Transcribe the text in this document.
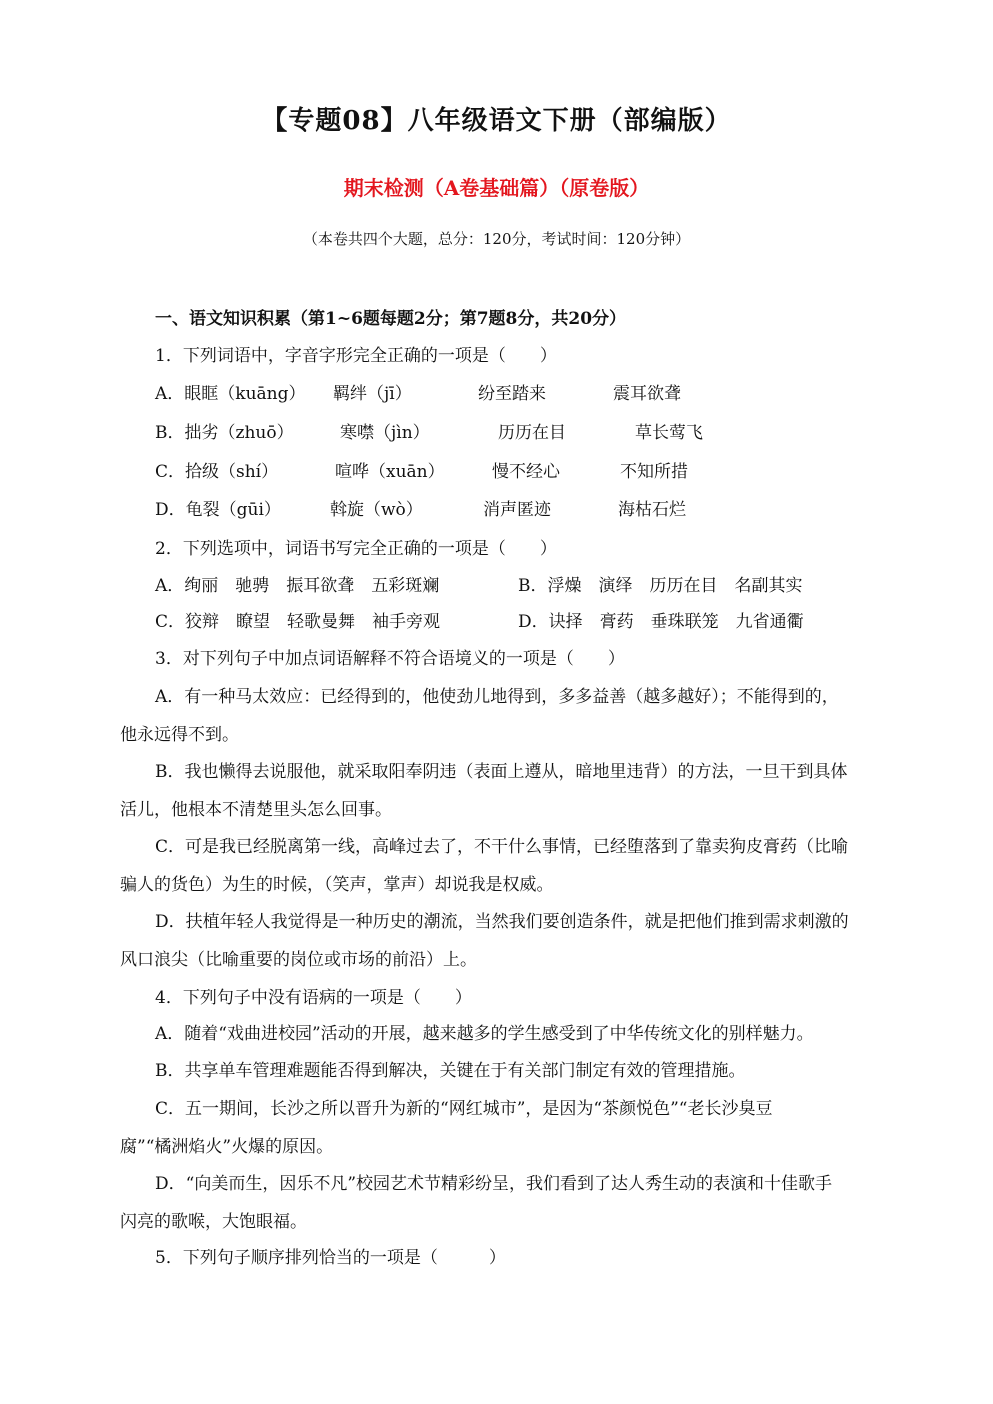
【专题08】八年级语文下册（部编版）
期末检测（A卷基础篇）（原卷版）
（本卷共四个大题，总分：120分，考试时间：120分钟）
一、语文知识积累（第1~6题每题2分；第7题8分，共20分）
1．下列词语中，字音字形完全正确的一项是（　　）
A．眼眶（kuāng） 羁绊（jī）	纷至踏来	震耳欲聋
B．拙劣（zhuō）	寒噤（jìn）	历历在目	草长莺飞
C．拾级（shí）	喧哗（xuān）	慢不经心	不知所措
D．龟裂（gūi）	斡旋（wò）	消声匿迹	海枯石烂
2．下列选项中，词语书写完全正确的一项是（　　）
A．绚丽　驰骋　振耳欲聋　五彩斑斓	B．浮燥　演绎　历历在目　名副其实
C．狡辩　瞭望　轻歌曼舞　袖手旁观	D．诀择　膏药　垂珠联笼　九省通衢
3．对下列句子中加点词语解释不符合语境义的一项是（　　）
A．有一种马太效应：已经得到的，他使劲儿地得到，多多益善（越多越好）；不能得到的，
他永远得不到。
B．我也懒得去说服他，就采取阳奉阴违（表面上遵从，暗地里违背）的方法，一旦干到具体
活儿，他根本不清楚里头怎么回事。
C．可是我已经脱离第一线，高峰过去了，不干什么事情，已经堕落到了靠卖狗皮膏药（比喻
骗人的货色）为生的时候，（笑声，掌声）却说我是权威。
D．扶植年轻人我觉得是一种历史的潮流，当然我们要创造条件，就是把他们推到需求刺激的
风口浪尖（比喻重要的岗位或市场的前沿）上。
4．下列句子中没有语病的一项是（　　）
A．随着“戏曲进校园”活动的开展，越来越多的学生感受到了中华传统文化的别样魅力。
B．共享单车管理难题能否得到解决，关键在于有关部门制定有效的管理措施。
C．五一期间，长沙之所以晋升为新的“网红城市”，是因为“茶颜悦色”“老长沙臭豆
腐”“橘洲焰火”火爆的原因。
D．“向美而生，因乐不凡”校园艺术节精彩纷呈，我们看到了达人秀生动的表演和十佳歌手
闪亮的歌喉，大饱眼福。
5．下列句子顺序排列恰当的一项是（　　　）
